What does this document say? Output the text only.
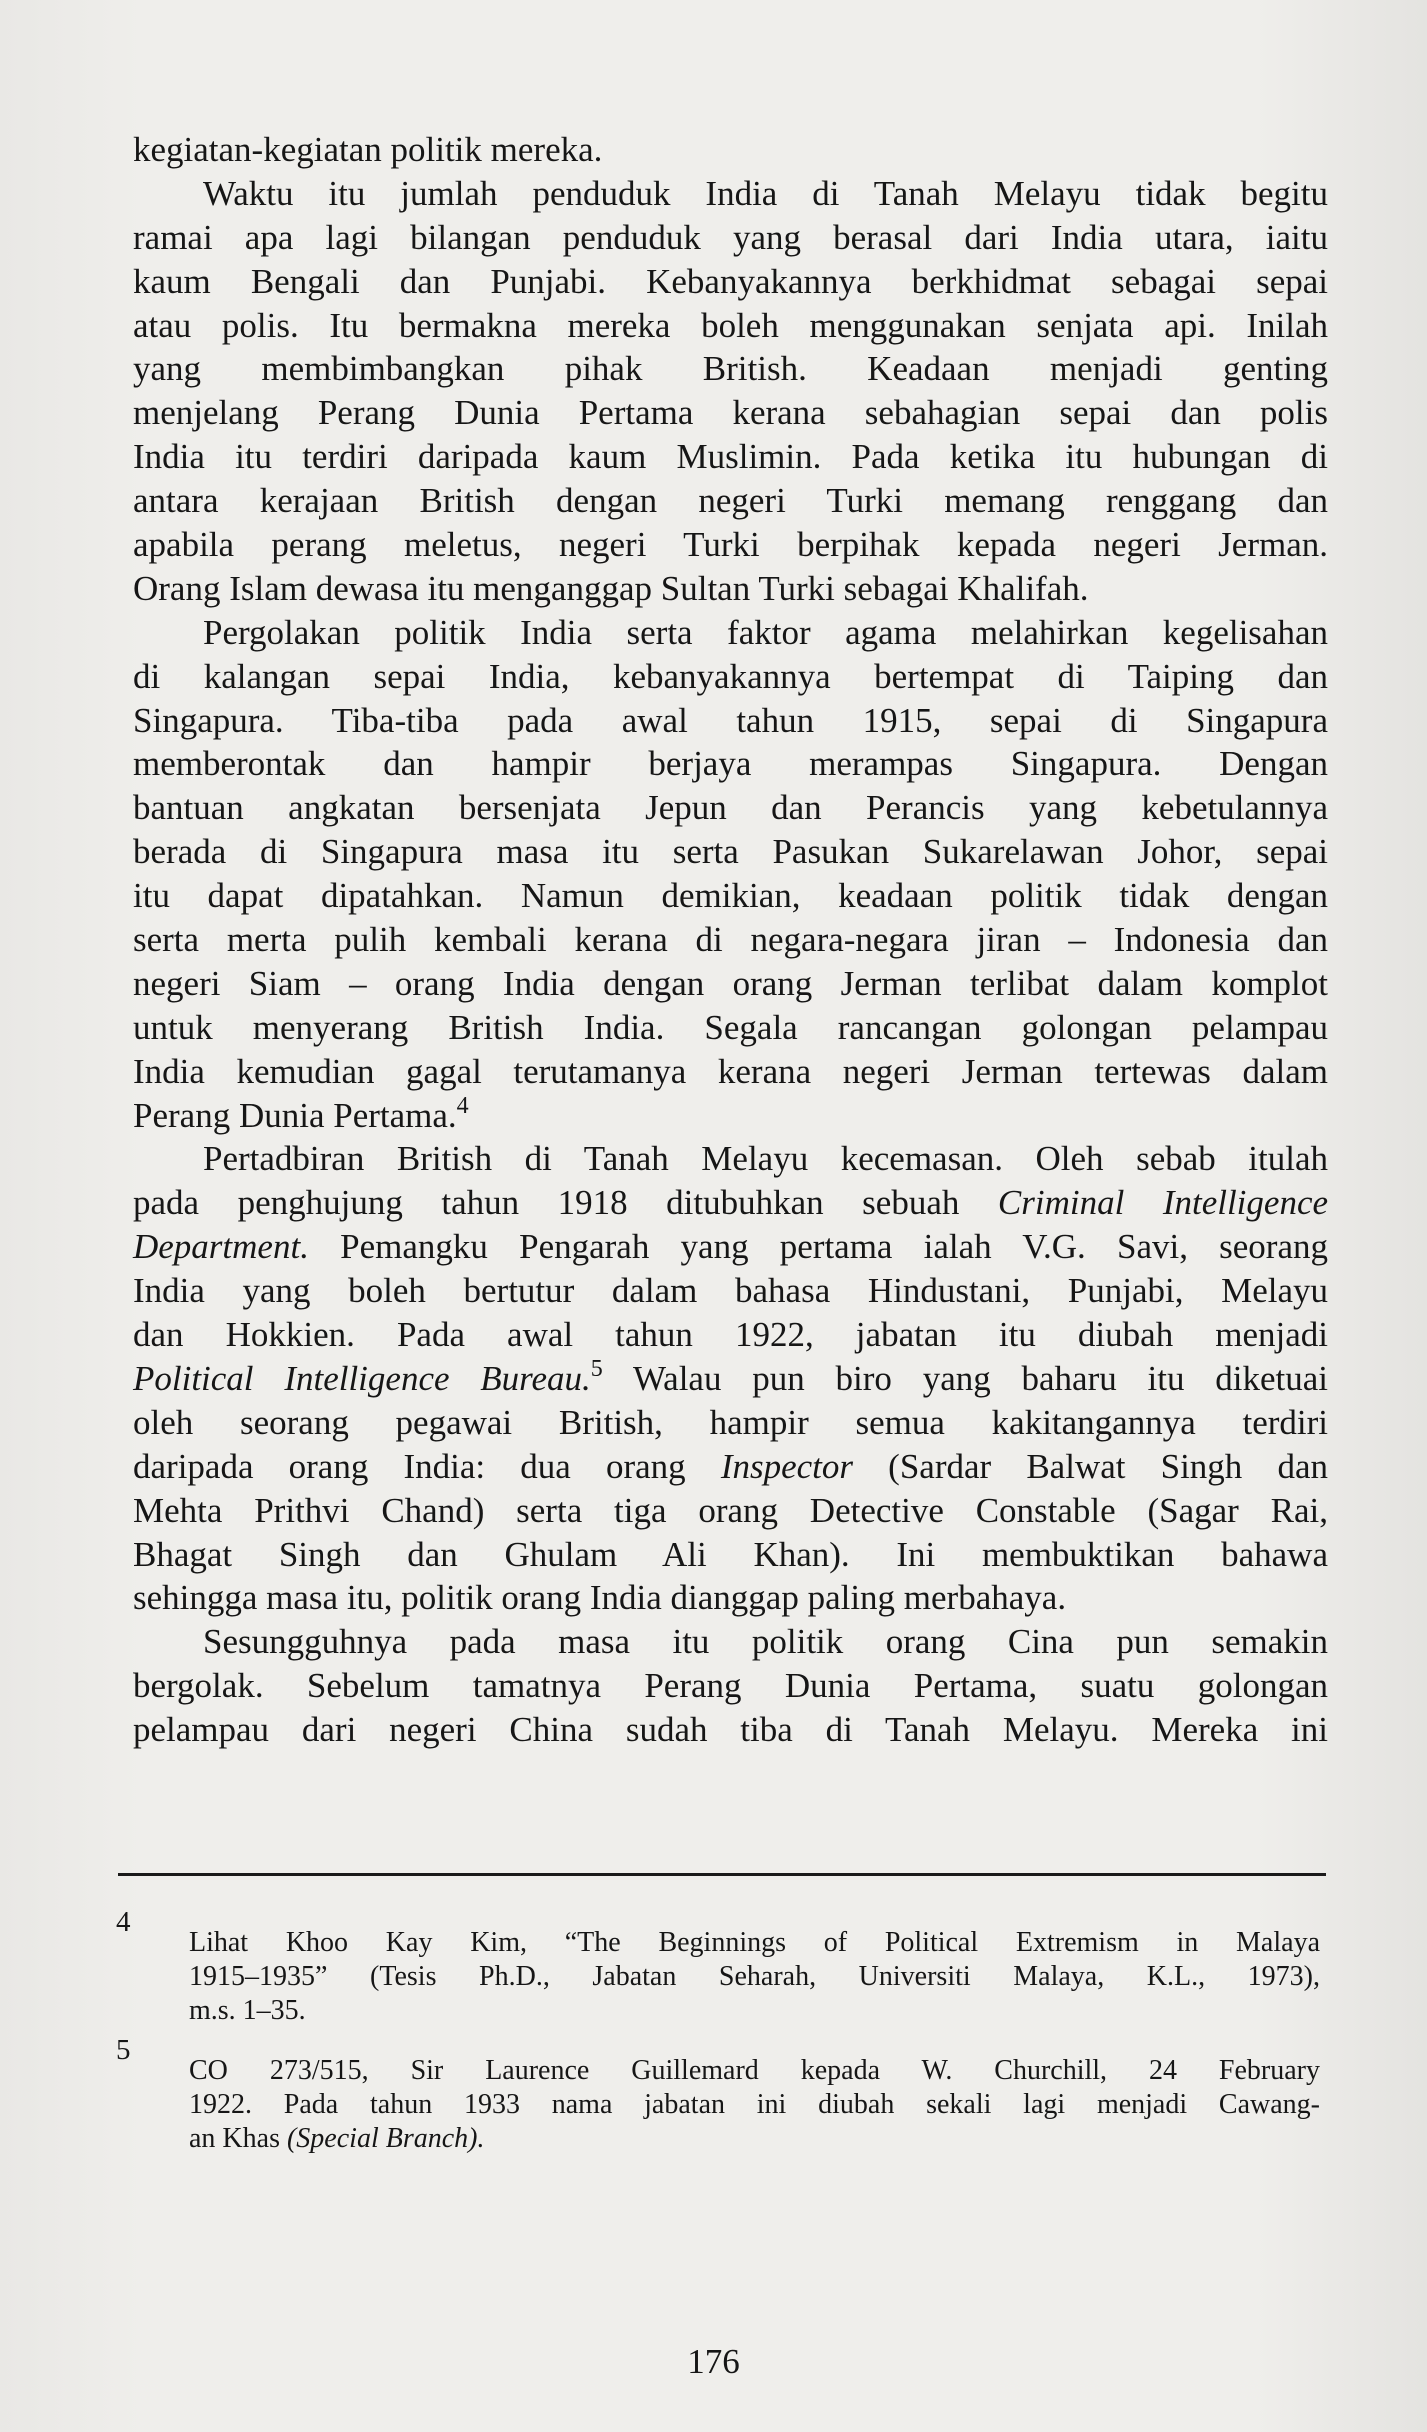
kegiatan-kegiatan politik mereka.
Waktu itu jumlah penduduk India di Tanah Melayu tidak begitu
ramai apa lagi bilangan penduduk yang berasal dari India utara, iaitu
kaum Bengali dan Punjabi. Kebanyakannya berkhidmat sebagai sepai
atau polis. Itu bermakna mereka boleh menggunakan senjata api. Inilah
yang membimbangkan pihak British. Keadaan menjadi genting
menjelang Perang Dunia Pertama kerana sebahagian sepai dan polis
India itu terdiri daripada kaum Muslimin. Pada ketika itu hubungan di
antara kerajaan British dengan negeri Turki memang renggang dan
apabila perang meletus, negeri Turki berpihak kepada negeri Jerman.
Orang Islam dewasa itu menganggap Sultan Turki sebagai Khalifah.
Pergolakan politik India serta faktor agama melahirkan kegelisahan
di kalangan sepai India, kebanyakannya bertempat di Taiping dan
Singapura. Tiba-tiba pada awal tahun 1915, sepai di Singapura
memberontak dan hampir berjaya merampas Singapura. Dengan
bantuan angkatan bersenjata Jepun dan Perancis yang kebetulannya
berada di Singapura masa itu serta Pasukan Sukarelawan Johor, sepai
itu dapat dipatahkan. Namun demikian, keadaan politik tidak dengan
serta merta pulih kembali kerana di negara-negara jiran – Indonesia dan
negeri Siam – orang India dengan orang Jerman terlibat dalam komplot
untuk menyerang British India. Segala rancangan golongan pelampau
India kemudian gagal terutamanya kerana negeri Jerman tertewas dalam
Perang Dunia Pertama.$^4$
Pertadbiran British di Tanah Melayu kecemasan. Oleh sebab itulah
pada penghujung tahun 1918 ditubuhkan sebuah Criminal Intelligence
Department. Pemangku Pengarah yang pertama ialah V.G. Savi, seorang
India yang boleh bertutur dalam bahasa Hindustani, Punjabi, Melayu
dan Hokkien. Pada awal tahun 1922, jabatan itu diubah menjadi
Political Intelligence Bureau.$^5$ Walau pun biro yang baharu itu diketuai
oleh seorang pegawai British, hampir semua kakitangannya terdiri
daripada orang India: dua orang Inspector (Sardar Balwat Singh dan
Mehta Prithvi Chand) serta tiga orang Detective Constable (Sagar Rai,
Bhagat Singh dan Ghulam Ali Khan). Ini membuktikan bahawa
sehingga masa itu, politik orang India dianggap paling merbahaya.
Sesungguhnya pada masa itu politik orang Cina pun semakin
bergolak. Sebelum tamatnya Perang Dunia Pertama, suatu golongan
pelampau dari negeri China sudah tiba di Tanah Melayu. Mereka ini
4
Lihat Khoo Kay Kim, “The Beginnings of Political Extremism in Malaya
1915–1935” (Tesis Ph.D., Jabatan Seharah, Universiti Malaya, K.L., 1973),
m.s. 1–35.
5
CO 273/515, Sir Laurence Guillemard kepada W. Churchill, 24 February
1922. Pada tahun 1933 nama jabatan ini diubah sekali lagi menjadi Cawang-
an Khas (Special Branch).
176
